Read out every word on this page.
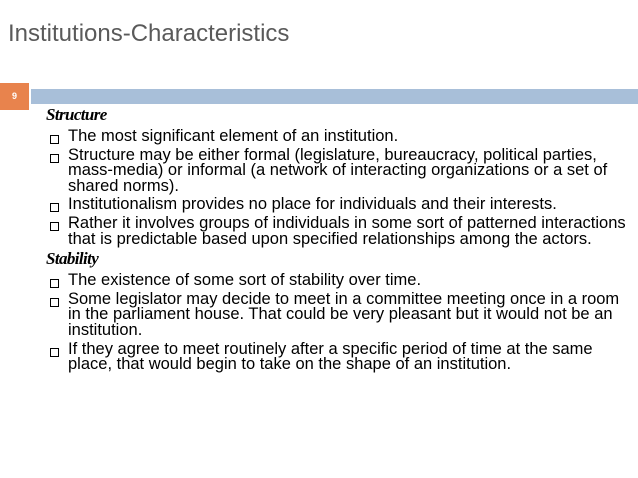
Institutions-Characteristics
9
Structure
The most significant element of an institution.
Structure may be either formal (legislature, bureaucracy, political parties, mass-media) or informal (a network of interacting organizations or a set of shared norms).
Institutionalism provides no place for individuals and their interests.
Rather it involves groups of individuals in some sort of patterned interactions that is predictable based upon specified relationships among the actors.
Stability
The existence of some sort of stability over time.
Some legislator may decide to meet in a committee meeting once in a room in the parliament house. That could be very pleasant but it would not be an institution.
If they agree to meet routinely after a specific period of time at the same place, that would begin to take on the shape of an institution.
